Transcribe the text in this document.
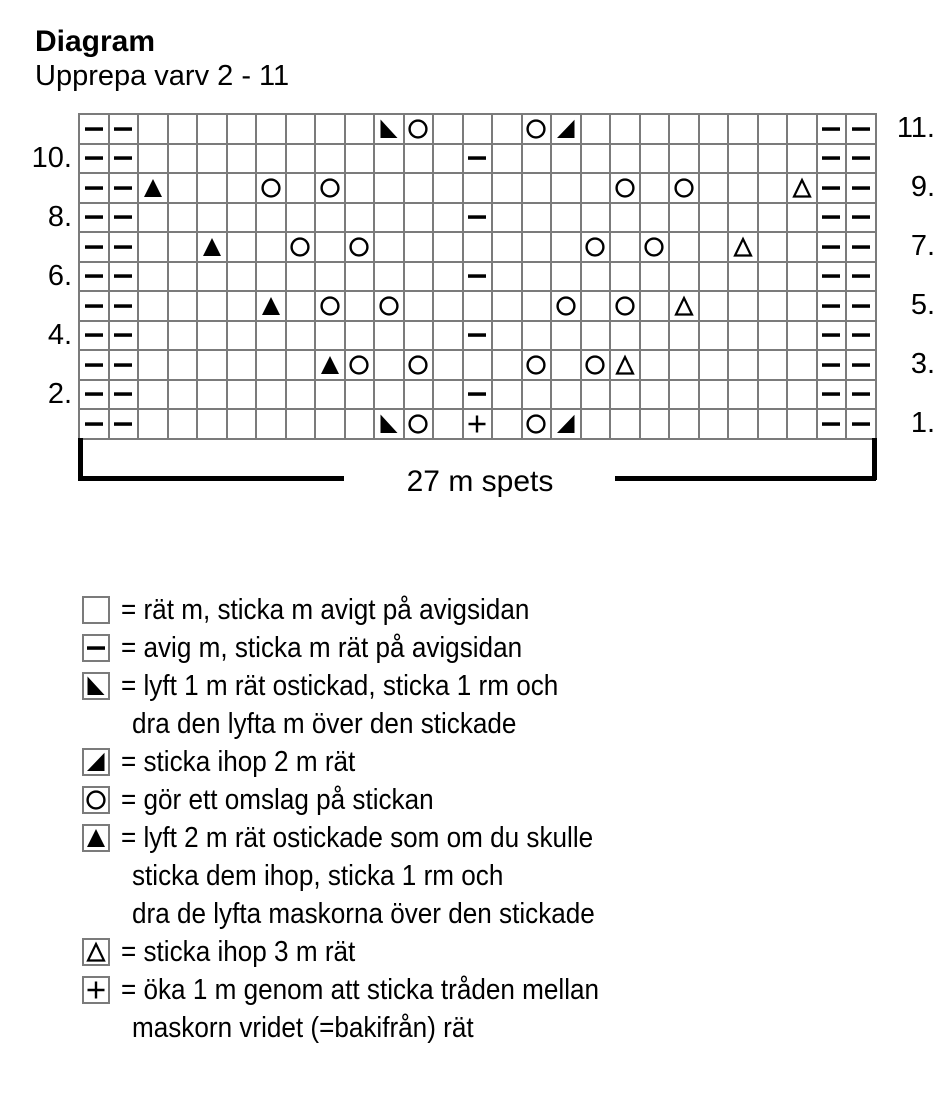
Diagram
Upprepa varv 2 - 11
11.
10.
9.
8.
7.
6.
5.
4.
3.
2.
1.
27 m spets
= rät m, sticka m avigt på avigsidan
= avig m, sticka m rät på avigsidan
= lyft 1 m rät ostickad, sticka 1 rm och
dra den lyfta m över den stickade
= sticka ihop 2 m rät
= gör ett omslag på stickan
= lyft 2 m rät ostickade som om du skulle
sticka dem ihop, sticka 1 rm och
dra de lyfta maskorna över den stickade
= sticka ihop 3 m rät
= öka 1 m genom att sticka tråden mellan
maskorn vridet (=bakifrån) rät
